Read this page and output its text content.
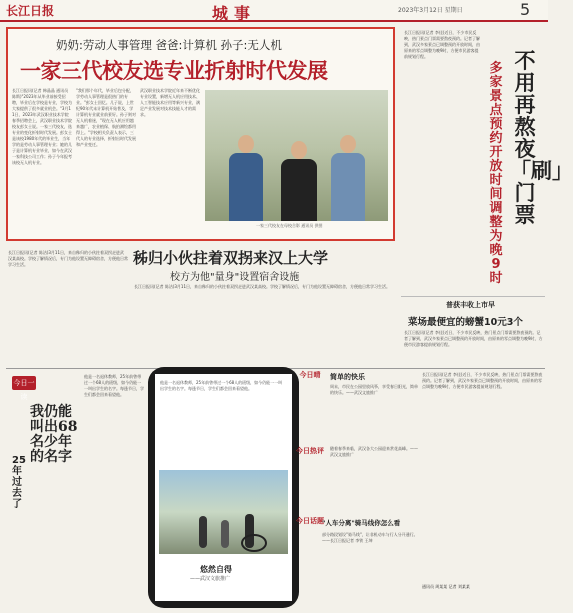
长江日报	城事	2023年3月12日 星期日	5
奶奶:劳动人事管理 爸爸:计算机 孙子:无人机
一家三代校友选专业折射时代发展
长江日报讯(记者 韩晶晶 通讯员 陈斯)"2023年从毕业前接受招聘，毕业后在学校是专业，学校为大家提供了很多就业机会。"3月11日，2023年武汉职业技术学院春季招聘会上，武汉职业技术学院校友彭女士说。一家三代校友，选专业的变化折射时代发展。彭女士是该校1980年代的毕业生，当年学的是劳动人事管理专业；她的儿子是计算机专业毕业，如今在武汉一家科技公司工作；孙子今年报考该校无人机专业。
"我们那个年代，毕业后包分配，学劳动人事管理是很热门的专业。"彭女士回忆。儿子说，上世纪90年代末计算机开始普及，学计算机专业就业前景好。孙子则对无人机着迷，"现在无人机应用越来越广，农业植保、航拍测绘都用得上。"学校相关负责人表示，三代人的专业选择，折射出时代发展和产业变迁。
武汉职业技术学院近年来不断优化专业设置，新增无人机应用技术、人工智能技术应用等新兴专业，满足产业发展对技术技能人才的需求。
一家三代校友在母校合影 通讯员 供图
不用再熬夜「刷」门票
多家景点预约开放时间调整为晚9时
长江日报讯(记者 李佳)近日，不少市民反映，热门景点门票需要熬夜预约。记者了解到，武汉多家景点已调整预约开放时间，由原来的零点调整为晚9时，方便市民游客提前规划行程。
普获丰收上市早
菜场最便宜的螃蟹10元3个
长江日报讯(记者 李佳)近日，不少市民反映，热门景点门票需要熬夜预约。记者了解到，武汉多家景点已调整预约开放时间，由原来的零点调整为晚9时，方便市民游客提前规划行程。
秭归小伙拄着双拐来汉上大学
校方为他"量身"设置宿舍设施
长江日报讯(记者 陈洁)3月11日，来自秭归的小伙拄着双拐走进武汉某高校。学校了解情况后，专门为他设置无障碍宿舍，方便他日常学习生活。
长江日报讯(记者 陈洁)3月11日，来自秭归的小伙拄着双拐走进武汉某高校。学校了解情况后，专门为他设置无障碍宿舍，方便他日常学习生活。
今日一读
我仍能叫出68名少年的名字
25年过去了
他是一名退休教师，25年前曾带过一个68人的班级，如今仍能一一叫出学生的名字。每逢节日，学生们都会回来看望他。
他是一名退休教师，25年前曾带过一个68人的班级，如今仍能一一叫出学生的名字。每逢节日，学生们都会回来看望他。
悠然自得
——武汉文旅推广
今日晴	简单的快乐
周末，市民在公园里放风筝，享受春日阳光，简单的快乐。——武汉文旅推广
今日热评 随着春季来临，武汉各大公园迎来赏花高峰。——武汉文旅推广
今日话题
"人车分离"骑马线你怎么看
部分路段划设"骑马线"，让非机动车与行人分开通行。——长江日报记者 李铁 王坤
长江日报讯(记者 李佳)近日，不少市民反映，热门景点门票需要熬夜预约。记者了解到，武汉多家景点已调整预约开放时间，由原来的零点调整为晚9时，方便市民游客提前规划行程。
通讯员 周某某 记者 刘某某
